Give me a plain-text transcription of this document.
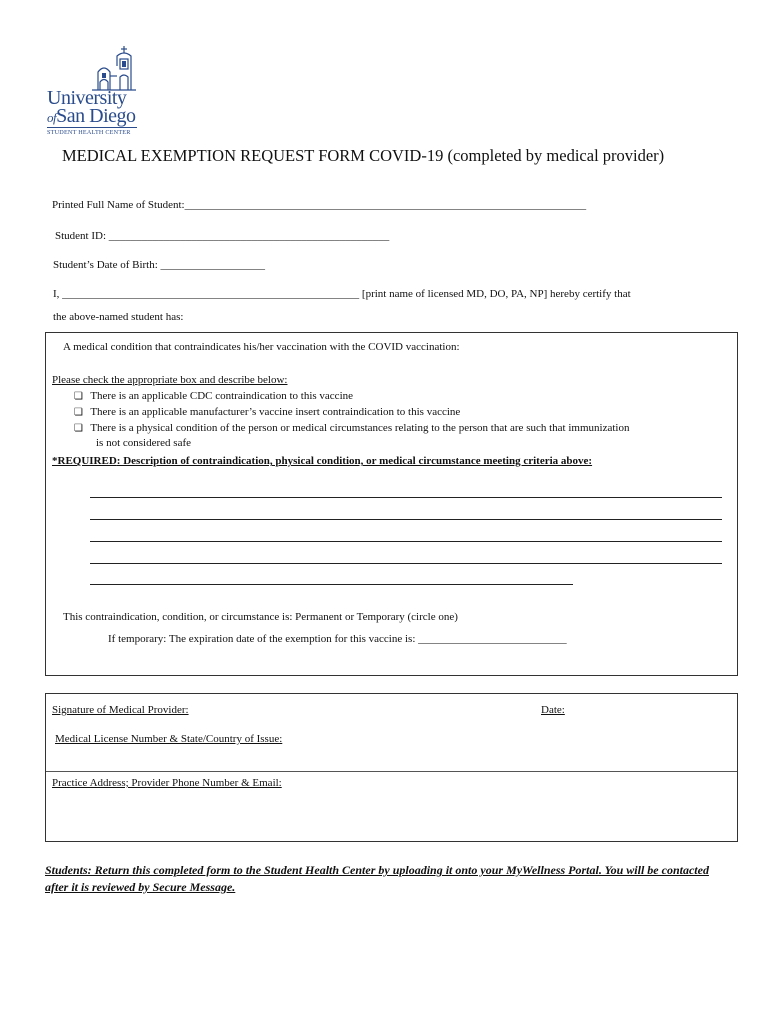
University
ofSan Diego
STUDENT HEALTH CENTER
MEDICAL EXEMPTION REQUEST FORM COVID-19 (completed by medical provider)
Printed Full Name of Student:_________________________________________________________________________
Student ID: ___________________________________________________
Student’s Date of Birth: ___________________
I, ______________________________________________________ [print name of licensed MD, DO, PA, NP] hereby certify that
the above-named student has:
A medical condition that contraindicates his/her vaccination with the COVID vaccination:
Please check the appropriate box and describe below:
❏ There is an applicable CDC contraindication to this vaccine
❏ There is an applicable manufacturer’s vaccine insert contraindication to this vaccine
❏ There is a physical condition of the person or medical circumstances relating to the person that are such that immunization
is not considered safe
*REQUIRED: Description of contraindication, physical condition, or medical circumstance meeting criteria above:
This contraindication, condition, or circumstance is: Permanent or Temporary (circle one)
If temporary: The expiration date of the exemption for this vaccine is: ___________________________
Signature of Medical Provider:	Date:
Medical License Number & State/Country of Issue:
Practice Address; Provider Phone Number & Email:
Students: Return this completed form to the Student Health Center by uploading it onto your MyWellness Portal. You will be contacted after it is reviewed by Secure Message.
